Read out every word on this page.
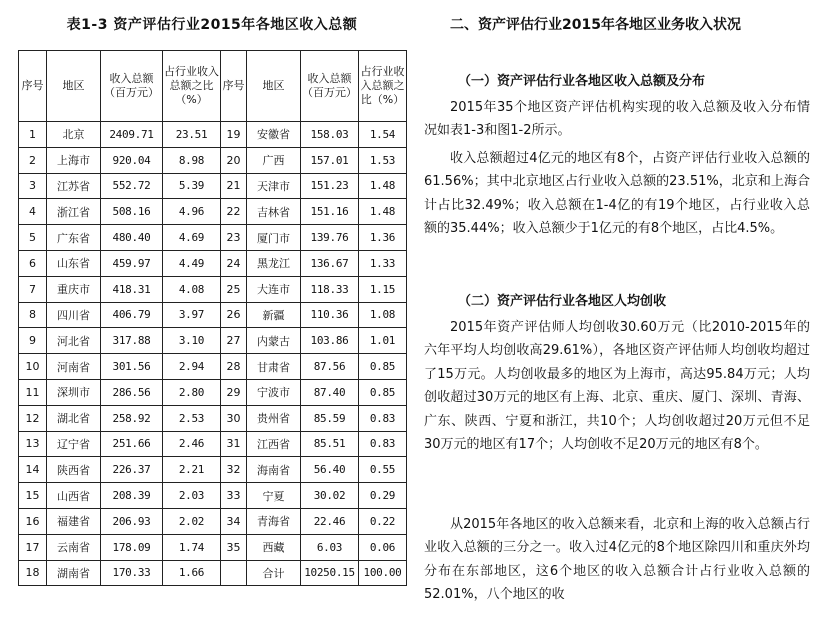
表1-3 资产评估行业2015年各地区收入总额
序号	地区	收入总额（百万元）	占行业收入总额之比（%）	序号	地区	收入总额（百万元）	占行业收入总额之比（%）
1	北京	2409.71	23.51	19	安徽省	158.03	1.54
2	上海市	920.04	8.98	20	广西	157.01	1.53
3	江苏省	552.72	5.39	21	天津市	151.23	1.48
4	浙江省	508.16	4.96	22	吉林省	151.16	1.48
5	广东省	480.40	4.69	23	厦门市	139.76	1.36
6	山东省	459.97	4.49	24	黑龙江	136.67	1.33
7	重庆市	418.31	4.08	25	大连市	118.33	1.15
8	四川省	406.79	3.97	26	新疆	110.36	1.08
9	河北省	317.88	3.10	27	内蒙古	103.86	1.01
10	河南省	301.56	2.94	28	甘肃省	87.56	0.85
11	深圳市	286.56	2.80	29	宁波市	87.40	0.85
12	湖北省	258.92	2.53	30	贵州省	85.59	0.83
13	辽宁省	251.66	2.46	31	江西省	85.51	0.83
14	陕西省	226.37	2.21	32	海南省	56.40	0.55
15	山西省	208.39	2.03	33	宁夏	30.02	0.29
16	福建省	206.93	2.02	34	青海省	22.46	0.22
17	云南省	178.09	1.74	35	西藏	6.03	0.06
18	湖南省	170.33	1.66		合计	10250.15	100.00
二、资产评估行业2015年各地区业务收入状况
（一）资产评估行业各地区收入总额及分布

2015年35个地区资产评估机构实现的收入总额及收入分布情况如表1-3和图1-2所示。

收入总额超过4亿元的地区有8个，占资产评估行业收入总额的61.56%；其中北京地区占行业收入总额的23.51%，北京和上海合计占比32.49%；收入总额在1-4亿的有19个地区，占行业收入总额的35.44%；收入总额少于1亿元的有8个地区，占比4.5%。

（二）资产评估行业各地区人均创收

2015年资产评估师人均创收30.60万元（比2010-2015年的六年平均人均创收高29.61%），各地区资产评估师人均创收均超过了15万元。人均创收最多的地区为上海市，高达95.84万元；人均创收超过30万元的地区有上海、北京、重庆、厦门、深圳、青海、广东、陕西、宁夏和浙江，共10个；人均创收超过20万元但不足30万元的地区有17个；人均创收不足20万元的地区有8个。

从2015年各地区的收入总额来看，北京和上海的收入总额占行业收入总额的三分之一。收入过4亿元的8个地区除四川和重庆外均分布在东部地区，这6个地区的收入总额合计占行业收入总额的52.01%，八个地区的收
